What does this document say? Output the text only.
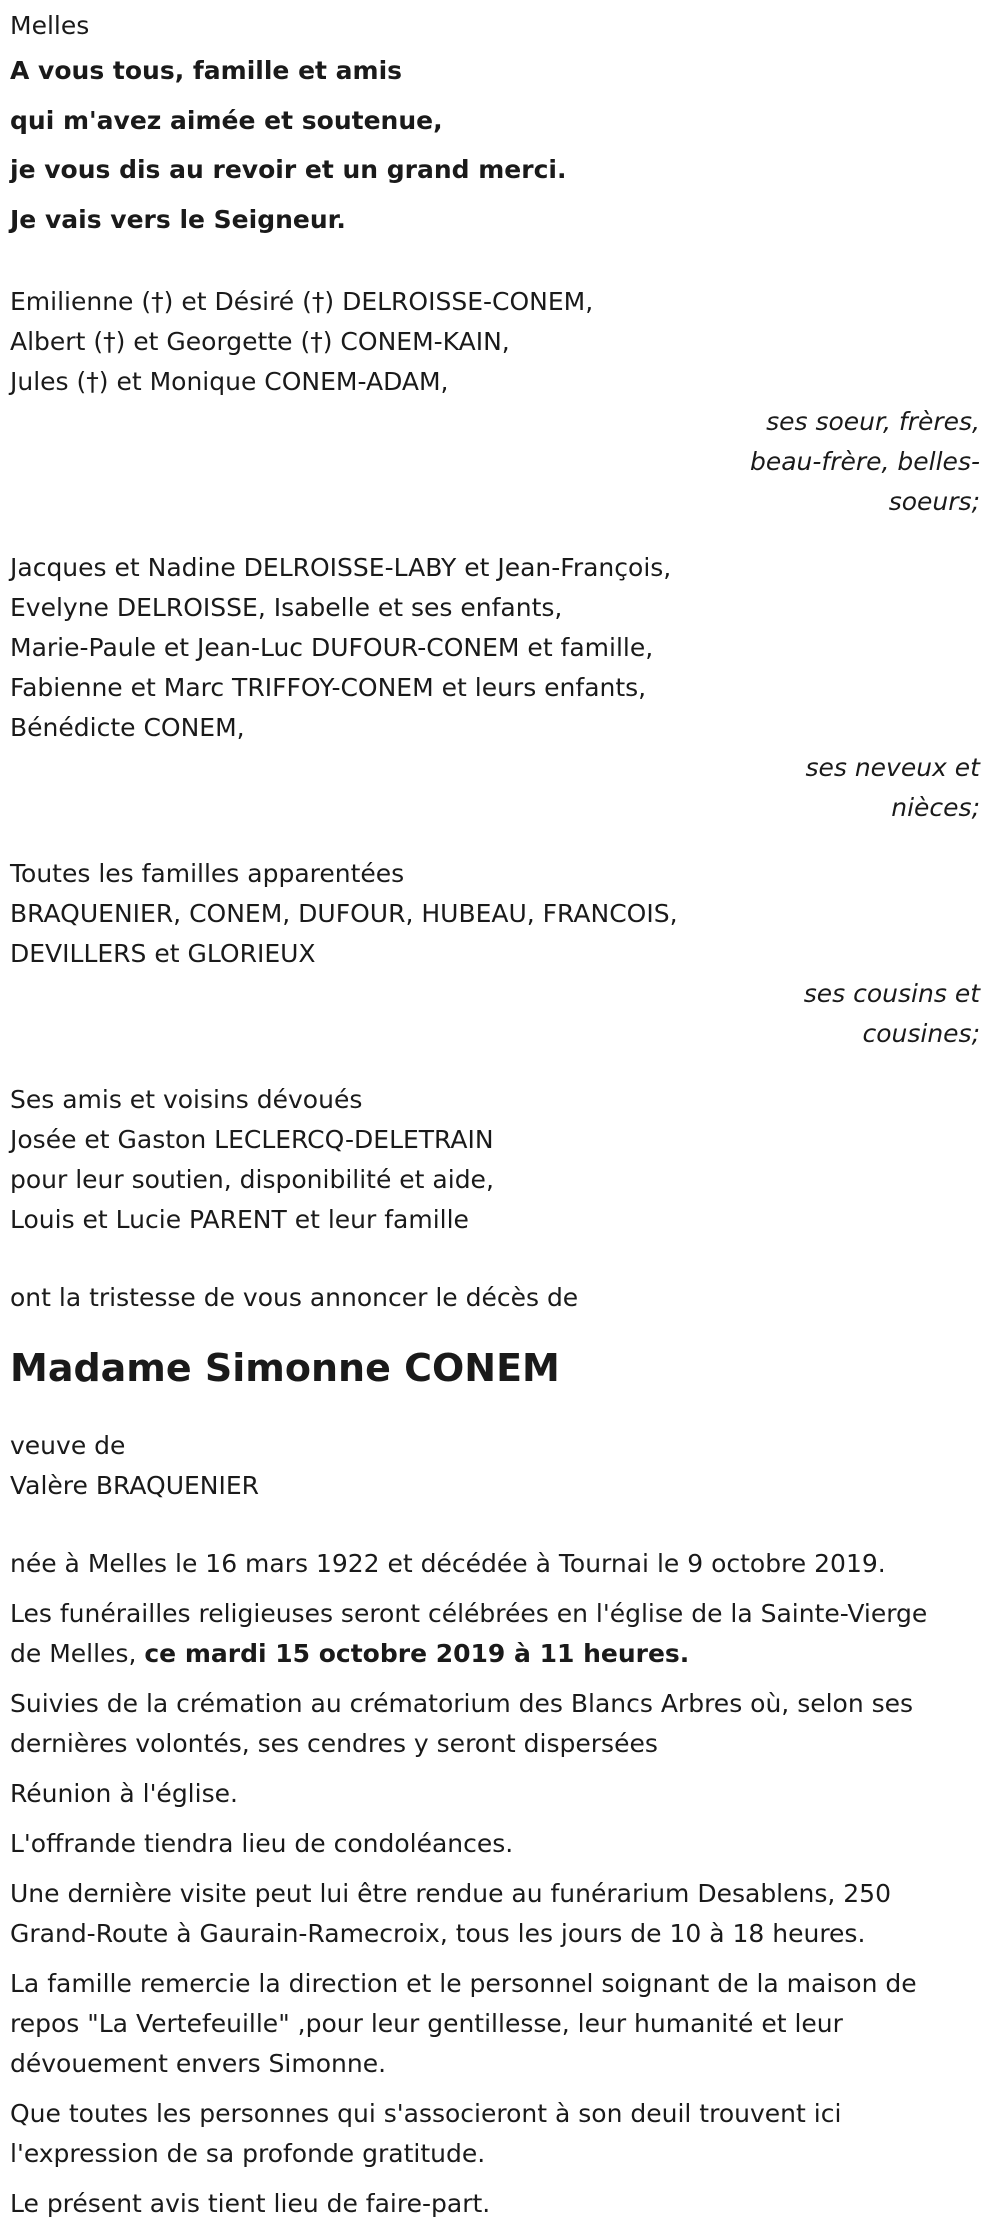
Melles
A vous tous, famille et amis
qui m'avez aimée et soutenue,
je vous dis au revoir et un grand merci.
Je vais vers le Seigneur.
Emilienne (†) et Désiré (†) DELROISSE-CONEM,
Albert (†) et Georgette (†) CONEM-KAIN,
Jules (†) et Monique CONEM-ADAM,
ses soeur, frères,
beau-frère, belles-
soeurs;
Jacques et Nadine DELROISSE-LABY et Jean-François,
Evelyne DELROISSE, Isabelle et ses enfants,
Marie-Paule et Jean-Luc DUFOUR-CONEM et famille,
Fabienne et Marc TRIFFOY-CONEM et leurs enfants,
Bénédicte CONEM,
ses neveux et
nièces;
Toutes les familles apparentées
BRAQUENIER, CONEM, DUFOUR, HUBEAU, FRANCOIS,
DEVILLERS et GLORIEUX
ses cousins et
cousines;
Ses amis et voisins dévoués
Josée et Gaston LECLERCQ-DELETRAIN
pour leur soutien, disponibilité et aide,
Louis et Lucie PARENT et leur famille
ont la tristesse de vous annoncer le décès de
Madame Simonne CONEM
veuve de
Valère BRAQUENIER
née à Melles le 16 mars 1922 et décédée à Tournai le 9 octobre 2019.
Les funérailles religieuses seront célébrées en l'église de la Sainte-Vierge
de Melles, ce mardi 15 octobre 2019 à 11 heures.
Suivies de la crémation au crématorium des Blancs Arbres où, selon ses
dernières volontés, ses cendres y seront dispersées
Réunion à l'église.
L'offrande tiendra lieu de condoléances.
Une dernière visite peut lui être rendue au funérarium Desablens, 250
Grand-Route à Gaurain-Ramecroix, tous les jours de 10 à 18 heures.
La famille remercie la direction et le personnel soignant de la maison de
repos "La Vertefeuille" ,pour leur gentillesse, leur humanité et leur
dévouement envers Simonne.
Que toutes les personnes qui s'associeront à son deuil trouvent ici
l'expression de sa profonde gratitude.
Le présent avis tient lieu de faire-part.
